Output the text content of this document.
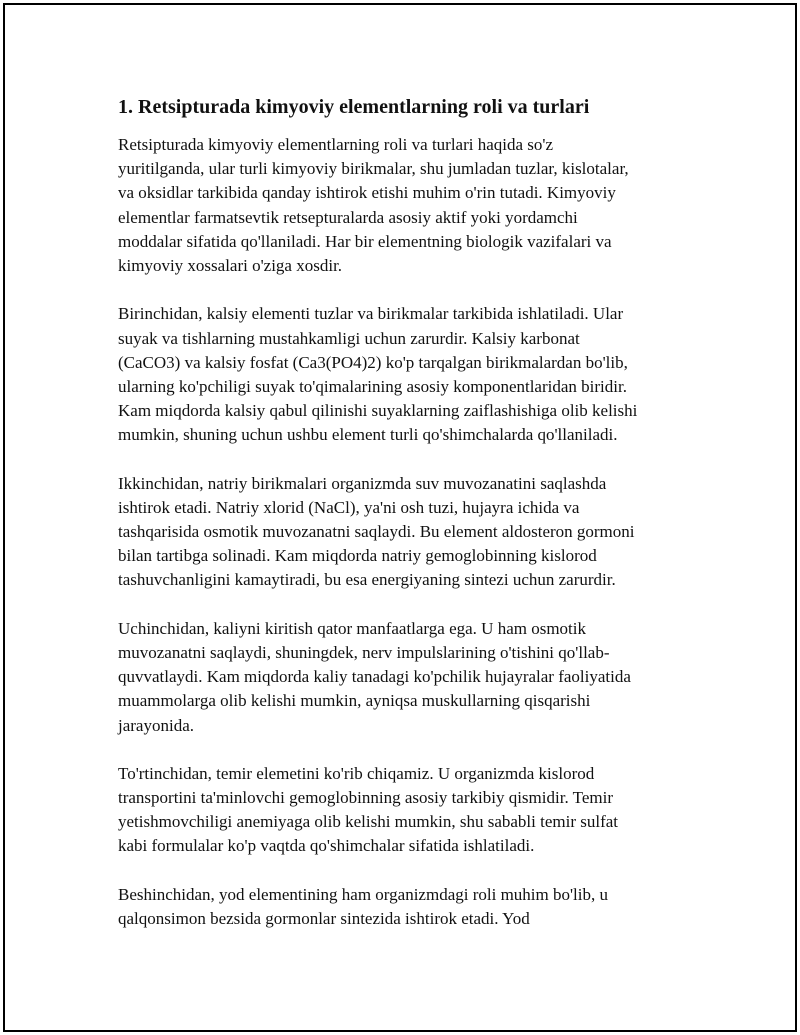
1. Retsipturada kimyoviy elementlarning roli va turlari
Retsipturada kimyoviy elementlarning roli va turlari haqida so'z
yuritilganda, ular turli kimyoviy birikmalar, shu jumladan tuzlar, kislotalar,
va oksidlar tarkibida qanday ishtirok etishi muhim o'rin tutadi. Kimyoviy
elementlar farmatsevtik retsepturalarda asosiy aktif yoki yordamchi
moddalar sifatida qo'llaniladi. Har bir elementning biologik vazifalari va
kimyoviy xossalari o'ziga xosdir.
Birinchidan, kalsiy elementi tuzlar va birikmalar tarkibida ishlatiladi. Ular
suyak va tishlarning mustahkamligi uchun zarurdir. Kalsiy karbonat
(CaCO3) va kalsiy fosfat (Ca3(PO4)2) ko'p tarqalgan birikmalardan bo'lib,
ularning ko'pchiligi suyak to'qimalarining asosiy komponentlaridan biridir.
Kam miqdorda kalsiy qabul qilinishi suyaklarning zaiflashishiga olib kelishi
mumkin, shuning uchun ushbu element turli qo'shimchalarda qo'llaniladi.
Ikkinchidan, natriy birikmalari organizmda suv muvozanatini saqlashda
ishtirok etadi. Natriy xlorid (NaCl), ya'ni osh tuzi, hujayra ichida va
tashqarisida osmotik muvozanatni saqlaydi. Bu element aldosteron gormoni
bilan tartibga solinadi. Kam miqdorda natriy gemoglobinning kislorod
tashuvchanligini kamaytiradi, bu esa energiyaning sintezi uchun zarurdir.
Uchinchidan, kaliyni kiritish qator manfaatlarga ega. U ham osmotik
muvozanatni saqlaydi, shuningdek, nerv impulslarining o'tishini qo'llab-
quvvatlaydi. Kam miqdorda kaliy tanadagi ko'pchilik hujayralar faoliyatida
muammolarga olib kelishi mumkin, ayniqsa muskullarning qisqarishi
jarayonida.
To'rtinchidan, temir elemetini ko'rib chiqamiz. U organizmda kislorod
transportini ta'minlovchi gemoglobinning asosiy tarkibiy qismidir. Temir
yetishmovchiligi anemiyaga olib kelishi mumkin, shu sababli temir sulfat
kabi formulalar ko'p vaqtda qo'shimchalar sifatida ishlatiladi.
Beshinchidan, yod elementining ham organizmdagi roli muhim bo'lib, u
qalqonsimon bezsida gormonlar sintezida ishtirok etadi. Yod
